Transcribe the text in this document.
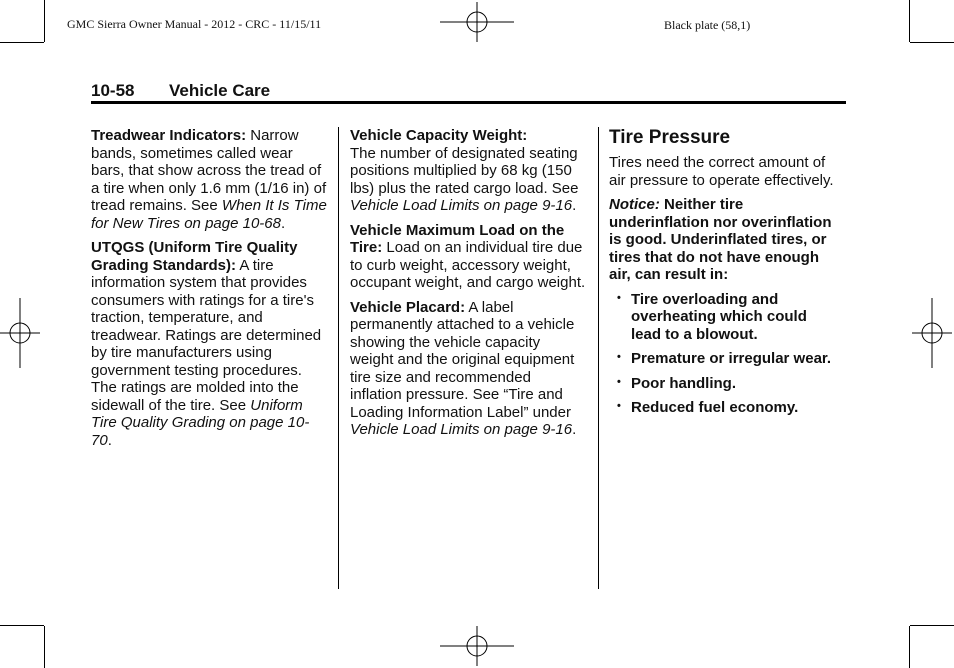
GMC Sierra Owner Manual - 2012 - CRC - 11/15/11	Black plate (58,1)
10-58 Vehicle Care

Treadwear Indicators: Narrow bands, sometimes called wear bars, that show across the tread of a tire when only 1.6 mm (1/16 in) of tread remains. See When It Is Time for New Tires on page 10-68.

UTQGS (Uniform Tire Quality Grading Standards): A tire information system that provides consumers with ratings for a tire's traction, temperature, and treadwear. Ratings are determined by tire manufacturers using government testing procedures. The ratings are molded into the sidewall of the tire. See Uniform Tire Quality Grading on page 10-70.

Vehicle Capacity Weight:
The number of designated seating positions multiplied by 68 kg (150 lbs) plus the rated cargo load. See Vehicle Load Limits on page 9-16.

Vehicle Maximum Load on the Tire: Load on an individual tire due to curb weight, accessory weight, occupant weight, and cargo weight.

Vehicle Placard: A label permanently attached to a vehicle showing the vehicle capacity weight and the original equipment tire size and recommended inflation pressure. See “Tire and Loading Information Label” under Vehicle Load Limits on page 9-16.

Tire Pressure

Tires need the correct amount of air pressure to operate effectively.

Notice: Neither tire underinflation nor overinflation is good. Underinflated tires, or tires that do not have enough air, can result in:

• Tire overloading and overheating which could lead to a blowout.
• Premature or irregular wear.
• Poor handling.
• Reduced fuel economy.
